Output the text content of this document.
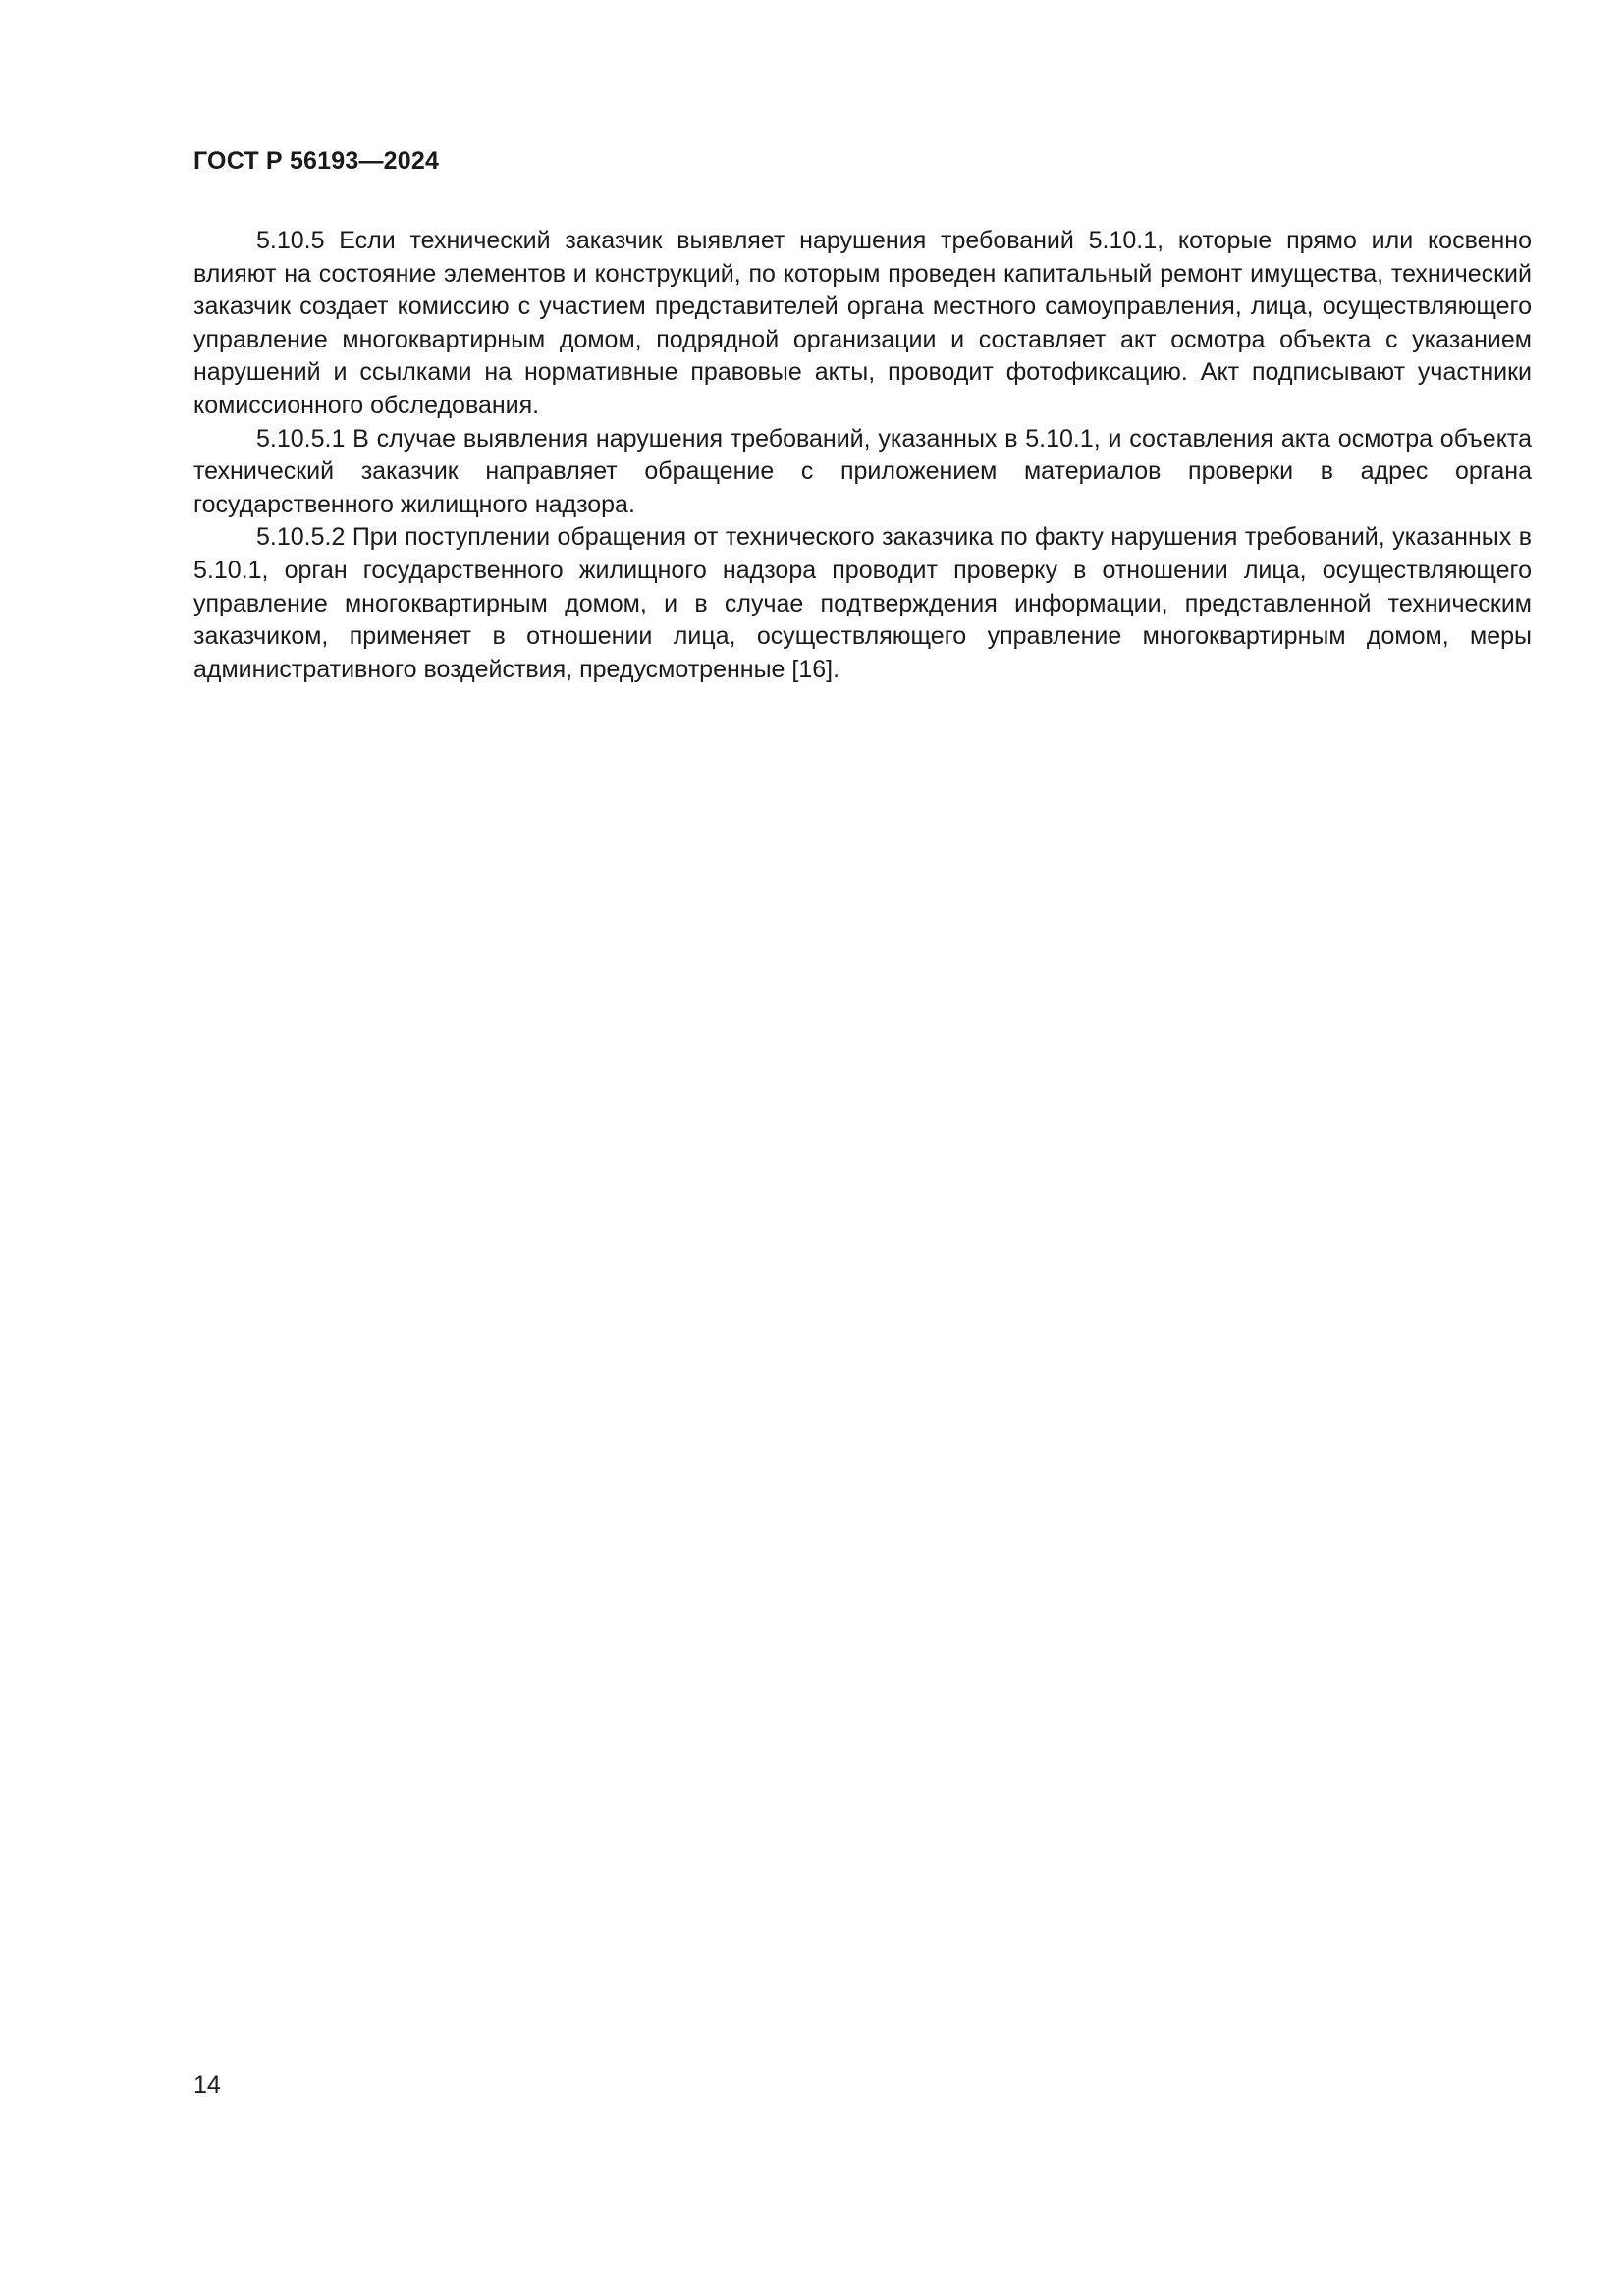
ГОСТ Р 56193—2024

5.10.5 Если технический заказчик выявляет нарушения требований 5.10.1, которые прямо или косвенно влияют на состояние элементов и конструкций, по которым проведен капитальный ремонт имущества, технический заказчик создает комиссию с участием представителей органа местного самоуправления, лица, осуществляющего управление многоквартирным домом, подрядной организации и составляет акт осмотра объекта с указанием нарушений и ссылками на нормативные правовые акты, проводит фотофиксацию. Акт подписывают участники комиссионного обследования.

5.10.5.1 В случае выявления нарушения требований, указанных в 5.10.1, и составления акта осмотра объекта технический заказчик направляет обращение с приложением материалов проверки в адрес органа государственного жилищного надзора.

5.10.5.2 При поступлении обращения от технического заказчика по факту нарушения требований, указанных в 5.10.1, орган государственного жилищного надзора проводит проверку в отношении лица, осуществляющего управление многоквартирным домом, и в случае подтверждения информации, представленной техническим заказчиком, применяет в отношении лица, осуществляющего управление многоквартирным домом, меры административного воздействия, предусмотренные [16].

14
